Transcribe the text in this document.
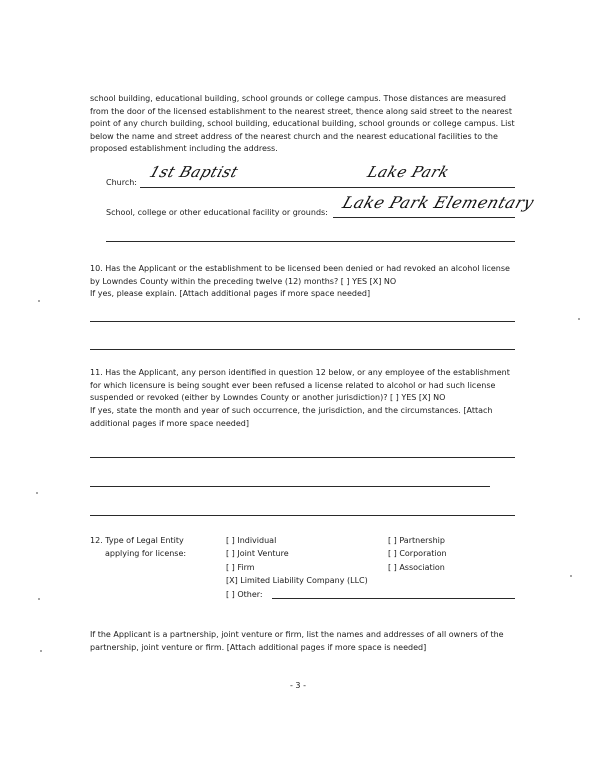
school building, educational building, school grounds or college campus. Those distances are measured from the door of the licensed establishment to the nearest street, thence along said street to the nearest point of any church building, school building, educational building, school grounds or college campus. List below the name and street address of the nearest church and the nearest educational facilities to the proposed establishment including the address.
Church:
1st Baptist	Lake Park
School, college or other educational facility or grounds:
Lake Park Elementary
10. Has the Applicant or the establishment to be licensed been denied or had revoked an alcohol license by Lowndes County within the preceding twelve (12) months? [ ] YES [X] NO
If yes, please explain. [Attach additional pages if more space needed]
11. Has the Applicant, any person identified in question 12 below, or any employee of the establishment for which licensure is being sought ever been refused a license related to alcohol or had such license suspended or revoked (either by Lowndes County or another jurisdiction)? [ ] YES [X] NO
If yes, state the month and year of such occurrence, the jurisdiction, and the circumstances. [Attach additional pages if more space needed]
12. Type of Legal Entity
applying for license:
[ ] Individual
[ ] Joint Venture
[ ] Firm
[X] Limited Liability Company (LLC)
[ ] Other:
[ ] Partnership
[ ] Corporation
[ ] Association
If the Applicant is a partnership, joint venture or firm, list the names and addresses of all owners of the partnership, joint venture or firm. [Attach additional pages if more space is needed]
- 3 -
